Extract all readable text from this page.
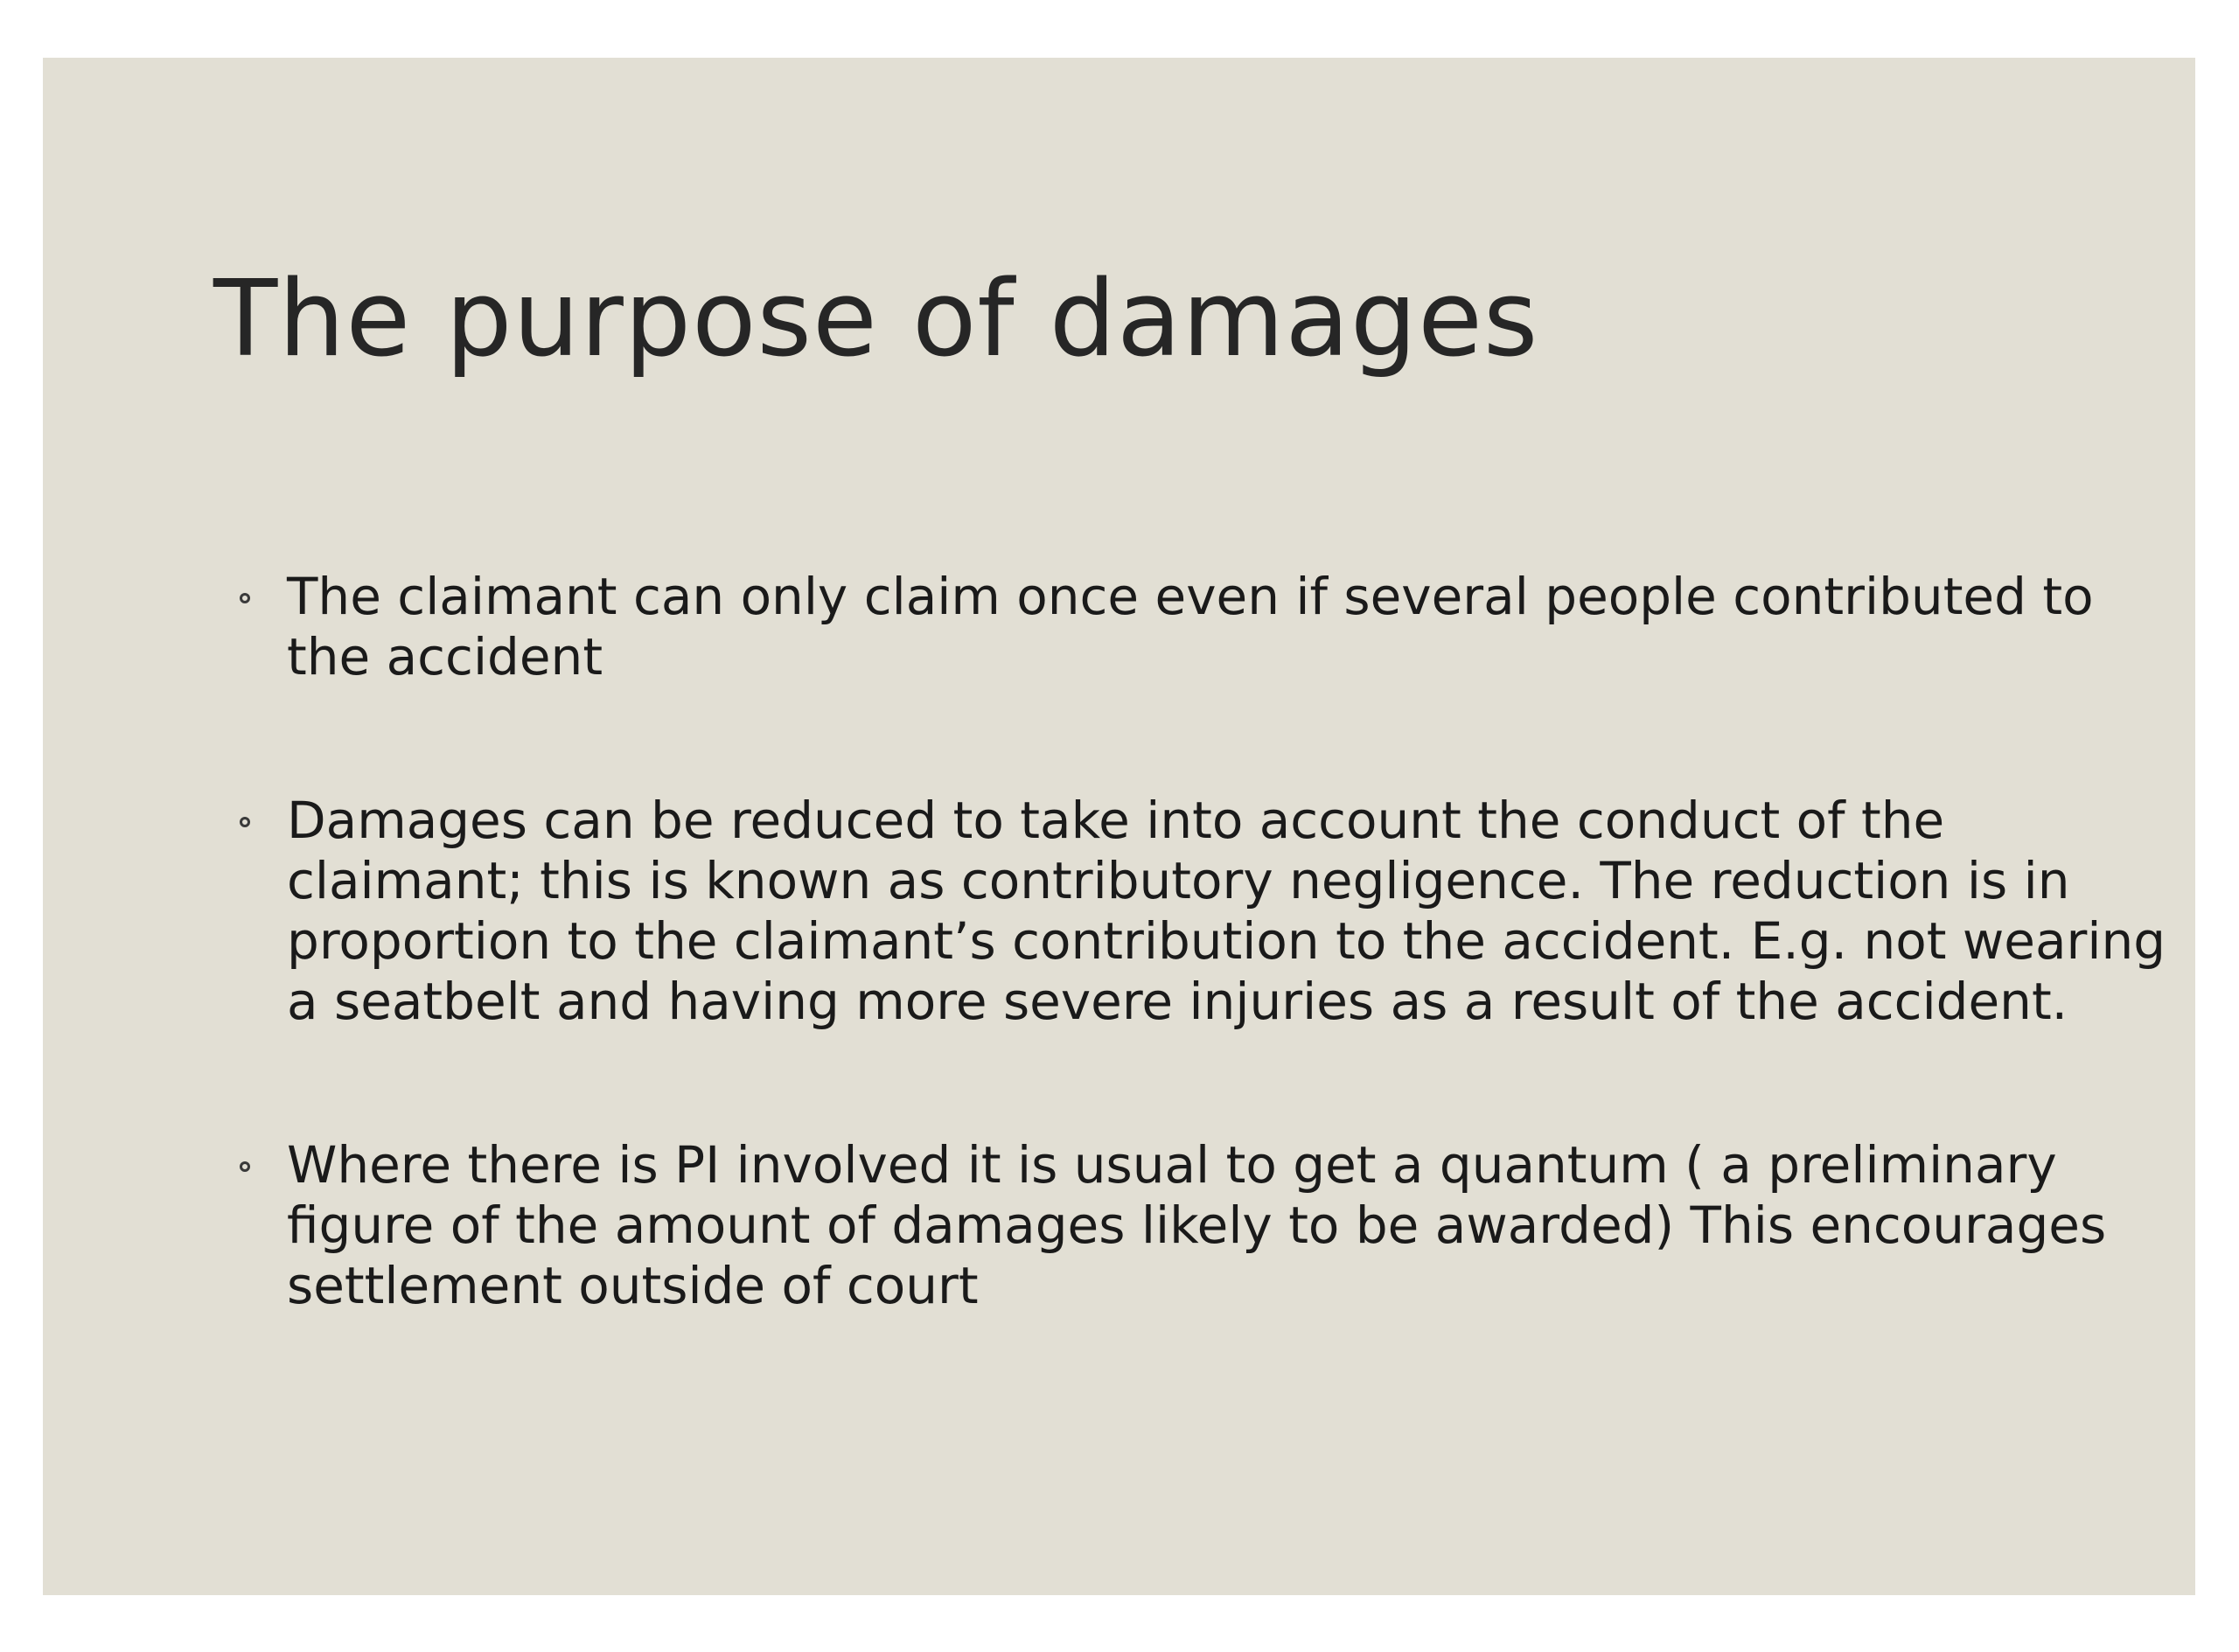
The purpose of damages
The claimant can only claim once even if several people contributed to the accident
Damages can be reduced to take into account the conduct of the claimant; this is known as contributory negligence. The reduction is in proportion to the claimant’s contribution to the accident. E.g. not wearing a seatbelt and having more severe injuries as a result of the accident.
Where there is PI involved it is usual to get a quantum ( a preliminary figure of the amount of damages likely to be awarded) This encourages settlement outside of court
